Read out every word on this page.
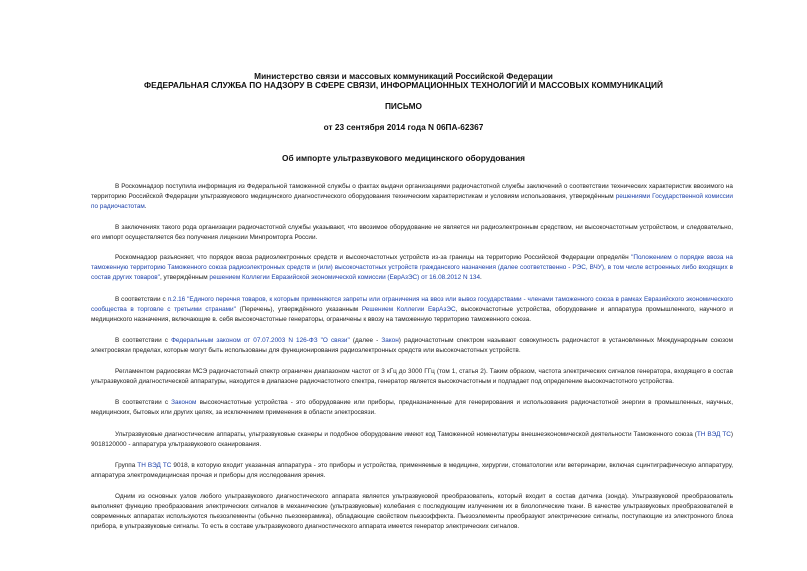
Министерство связи и массовых коммуникаций Российской Федерации
ФЕДЕРАЛЬНАЯ СЛУЖБА ПО НАДЗОРУ В СФЕРЕ СВЯЗИ, ИНФОРМАЦИОННЫХ ТЕХНОЛОГИЙ И МАССОВЫХ КОММУНИКАЦИЙ
ПИСЬМО
от 23 сентября 2014 года N 06ПА-62367
Об импорте ультразвукового медицинского оборудования
В Роскомнадзор поступила информация из Федеральной таможенной службы о фактах выдачи организациями радиочастотной службы заключений о соответствии технических характеристик ввозимого на территорию Российской Федерации ультразвукового медицинского диагностического оборудования техническим характеристикам и условиям использования, утверждённым решениями Государственной комиссии по радиочастотам.
В заключениях такого рода организации радиочастотной службы указывают, что ввозимое оборудование не является ни радиоэлектронным средством, ни высокочастотным устройством, и следовательно, его импорт осуществляется без получения лицензии Минпромторга России.
Роскомнадзор разъясняет, что порядок ввоза радиоэлектронных средств и высокочастотных устройств из-за границы на территорию Российской Федерации определён "Положением о порядке ввоза на таможенную территорию Таможенного союза радиоэлектронных средств и (или) высокочастотных устройств гражданского назначения (далее соответственно - РЭС, ВЧУ), в том числе встроенных либо входящих в состав других товаров", утверждённым решением Коллегии Евразийской экономической комиссии (ЕврАзЭС) от 16.08.2012 N 134.
В соответствии с п.2.16 "Единого перечня товаров, к которым применяются запреты или ограничения на ввоз или вывоз государствами - членами таможенного союза в рамках Евразийского экономического сообщества в торговле с третьими странами" (Перечень), утверждённого указанным Решением Коллегии ЕврАзЭС, высокочастотные устройства, оборудование и аппаратура промышленного, научного и медицинского назначения, включающие в. себя высокочастотные генераторы, ограничены к ввозу на таможенную территорию таможенного союза.
В соответствии с Федеральным законом от 07.07.2003 N 126-ФЗ "О связи" (далее - Закон) радиочастотным спектром называют совокупность радиочастот в установленных Международным союзом электросвязи пределах, которые могут быть использованы для функционирования радиоэлектронных средств или высокочастотных устройств.
Регламентом радиосвязи МСЭ радиочастотный спектр ограничен диапазоном частот от 3 кГц до 3000 ГГц (том 1, статья 2). Таким образом, частота электрических сигналов генератора, входящего в состав ультразвуковой диагностической аппаратуры, находится в диапазоне радиочастотного спектра, генератор является высокочастотным и подпадает под определение высокочастотного устройства.
В соответствии с Законом высокочастотные устройства - это оборудование или приборы, предназначенные для генерирования и использования радиочастотной энергии в промышленных, научных, медицинских, бытовых или других целях, за исключением применения в области электросвязи.
Ультразвуковые диагностические аппараты, ультразвуковые сканеры и подобное оборудование имеют код Таможенной номенклатуры внешнеэкономической деятельности Таможенного союза (ТН ВЭД ТС) 9018120000 - аппаратура ультразвукового сканирования.
Группа ТН ВЭД ТС 9018, в которую входит указанная аппаратура - это приборы и устройства, применяемые в медицине, хирургии, стоматологии или ветеринарии, включая сцинтиграфическую аппаратуру, аппаратура электромедицинская прочая и приборы для исследования зрения.
Одним из основных узлов любого ультразвукового диагностического аппарата является ультразвуковой преобразователь, который входит в состав датчика (зонда). Ультразвуковой преобразователь выполняет функцию преобразования электрических сигналов в механические (ультразвуковые) колебания с последующим излучением их в биологические ткани. В качестве ультразвуковых преобразователей в современных аппаратах используются пьезоэлементы (обычно пьезокерамика), обладающие свойством пьезоэффекта. Пьезоэлементы преобразуют электрические сигналы, поступающие из электронного блока прибора, в ультразвуковые сигналы. То есть в составе ультразвукового диагностического аппарата имеется генератор электрических сигналов.
